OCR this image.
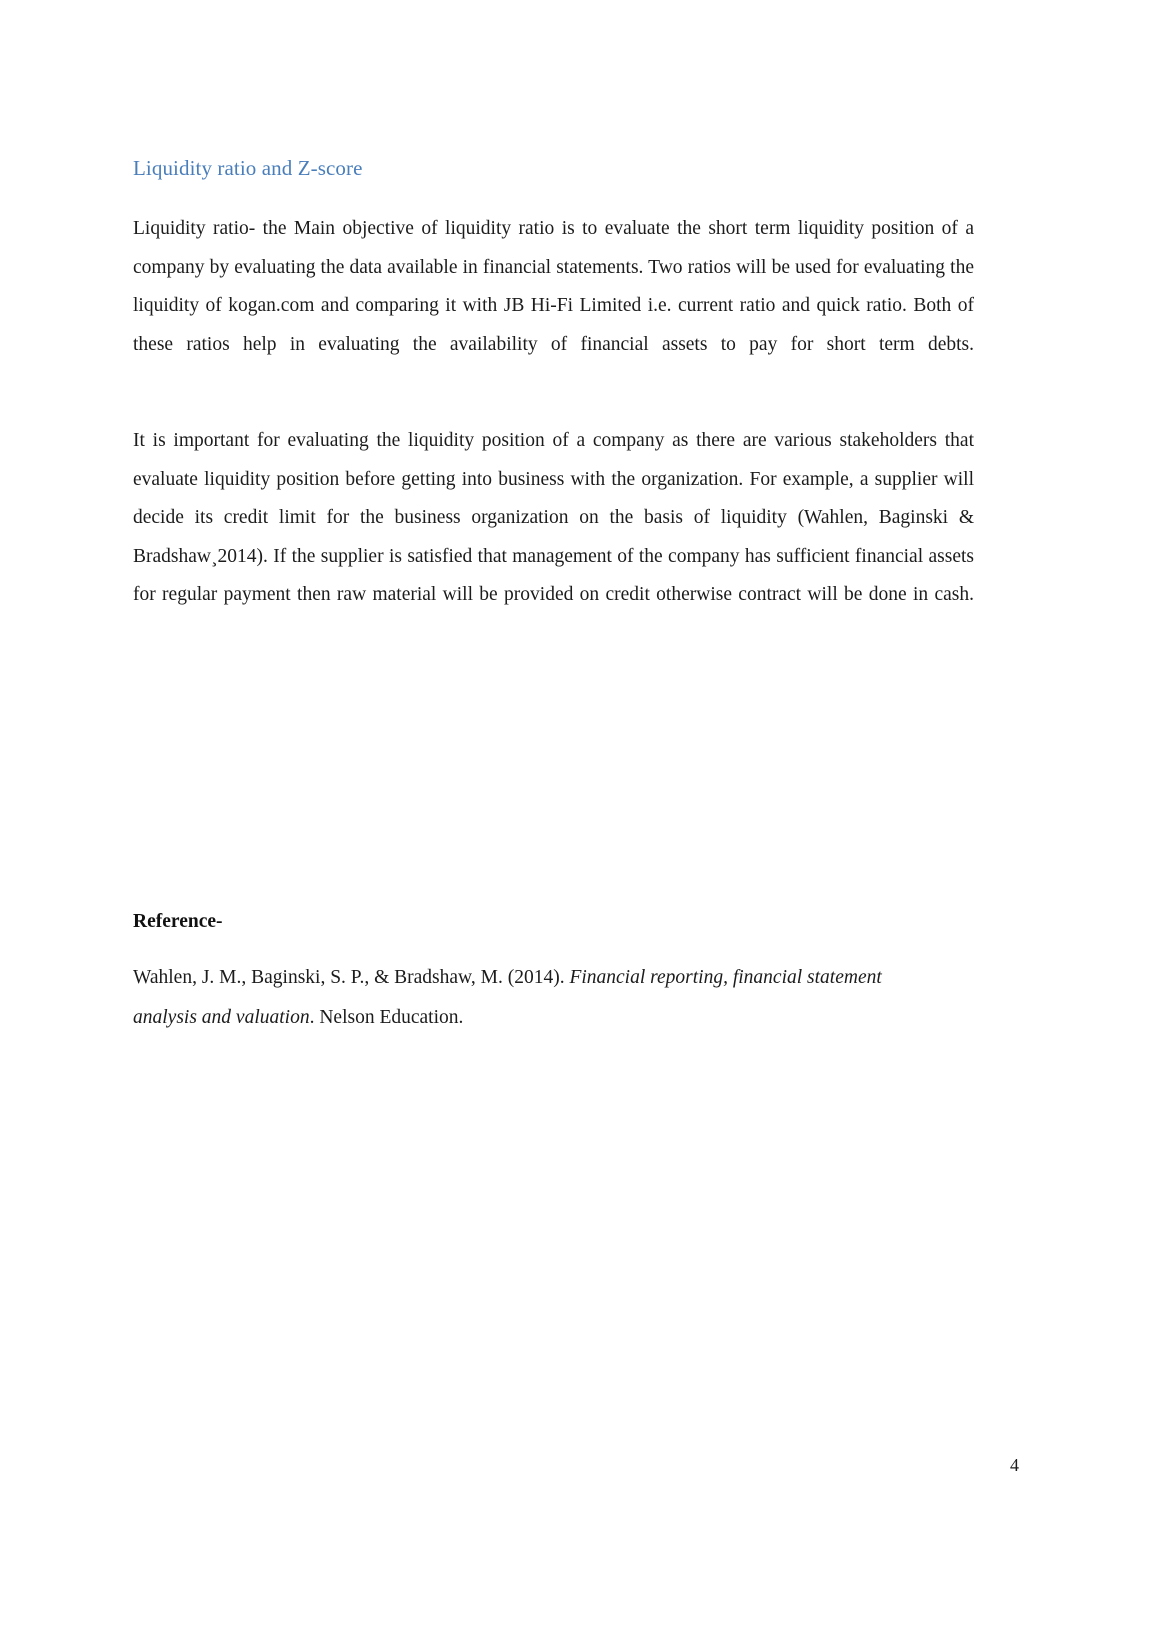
Liquidity ratio and Z-score

Liquidity ratio- the Main objective of liquidity ratio is to evaluate the short term liquidity position of a company by evaluating the data available in financial statements. Two ratios will be used for evaluating the liquidity of kogan.com and comparing it with JB Hi-Fi Limited i.e. current ratio and quick ratio. Both of these ratios help in evaluating the availability of financial assets to pay for short term debts.

It is important for evaluating the liquidity position of a company as there are various stakeholders that evaluate liquidity position before getting into business with the organization. For example, a supplier will decide its credit limit for the business organization on the basis of liquidity (Wahlen, Baginski & Bradshaw¸2014). If the supplier is satisfied that management of the company has sufficient financial assets for regular payment then raw material will be provided on credit otherwise contract will be done in cash.

Reference-

Wahlen, J. M., Baginski, S. P., & Bradshaw, M. (2014). Financial reporting, financial statement analysis and valuation. Nelson Education.

4
